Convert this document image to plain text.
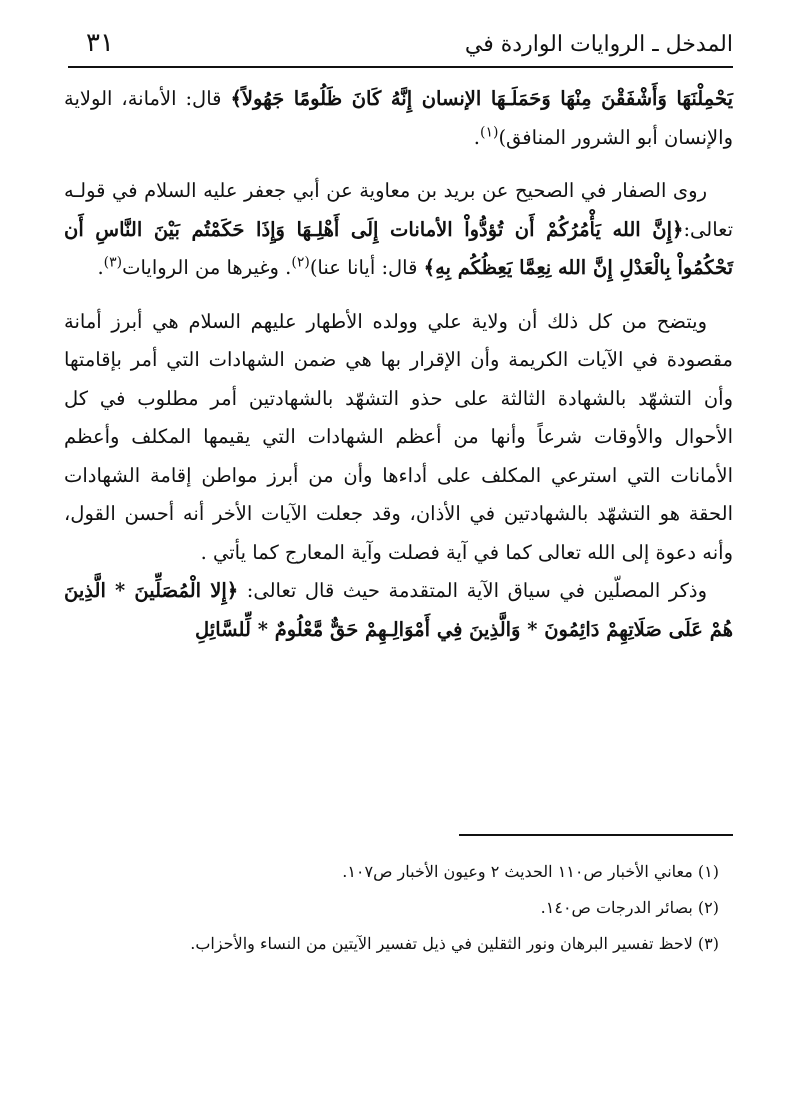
المدخل ـ الروايات الواردة في
٣١

يَحْمِلْنَهَا وَأَشْفَقْنَ مِنْهَا وَحَمَلَـهَا الإنسان إِنَّهُ كَانَ ظَلُومًا جَهُولاً﴾ قال: الأمانة، الولاية والإنسان أبو الشرور المنافق)$^{(١)}$.

روى الصفار في الصحيح عن بريد بن معاوية عن أبي جعفر عليه السلام في قولـه تعالى:﴿إِنَّ الله يَأْمُرُكُمْ أَن تُؤدُّواْ الأمانات إِلَى أَهْلِـهَا وَإِذَا حَكَمْتُم بَيْنَ النَّاسِ أَن تَحْكُمُواْ بِالْعَدْلِ إِنَّ الله نِعِمَّا يَعِظُكُم بِهِ﴾ قال: أيانا عنا)$^{(٢)}$. وغيرها من الروايات$^{(٣)}$.

ويتضح من كل ذلك أن ولاية علي وولده الأطهار عليهم السلام هي أبرز أمانة مقصودة في الآيات الكريمة وأن الإقرار بها هي ضمن الشهادات التي أمر بإقامتها وأن التشهّد بالشهادة الثالثة على حذو التشهّد بالشهادتين أمر مطلوب في كل الأحوال والأوقات شرعاً وأنها من أعظم الشهادات التي يقيمها المكلف وأعظم الأمانات التي استرعي المكلف على أداءها وأن من أبرز مواطن إقامة الشهادات الحقة هو التشهّد بالشهادتين في الأذان، وقد جعلت الآيات الأخر أنه أحسن القول، وأنه دعوة إلى الله تعالى كما في آية فصلت وآية المعارج كما يأتي .

وذكر المصلّين في سياق الآية المتقدمة حيث قال تعالى: ﴿إِلا الْمُصَلِّينَ * الَّذِينَ هُمْ عَلَى صَلَاتِهِمْ دَائِمُونَ * وَالَّذِينَ فِي أَمْوَالِـهِمْ حَقٌّ مَّعْلُومٌ * لِّلسَّائِلِ

(١) معاني الأخبار ص١١٠ الحديث ٢ وعيون الأخبار ص١٠٧.

(٢) بصائر الدرجات ص١٤٠.

(٣) لاحظ تفسير البرهان ونور الثقلين في ذيل تفسير الآيتين من النساء والأحزاب.
